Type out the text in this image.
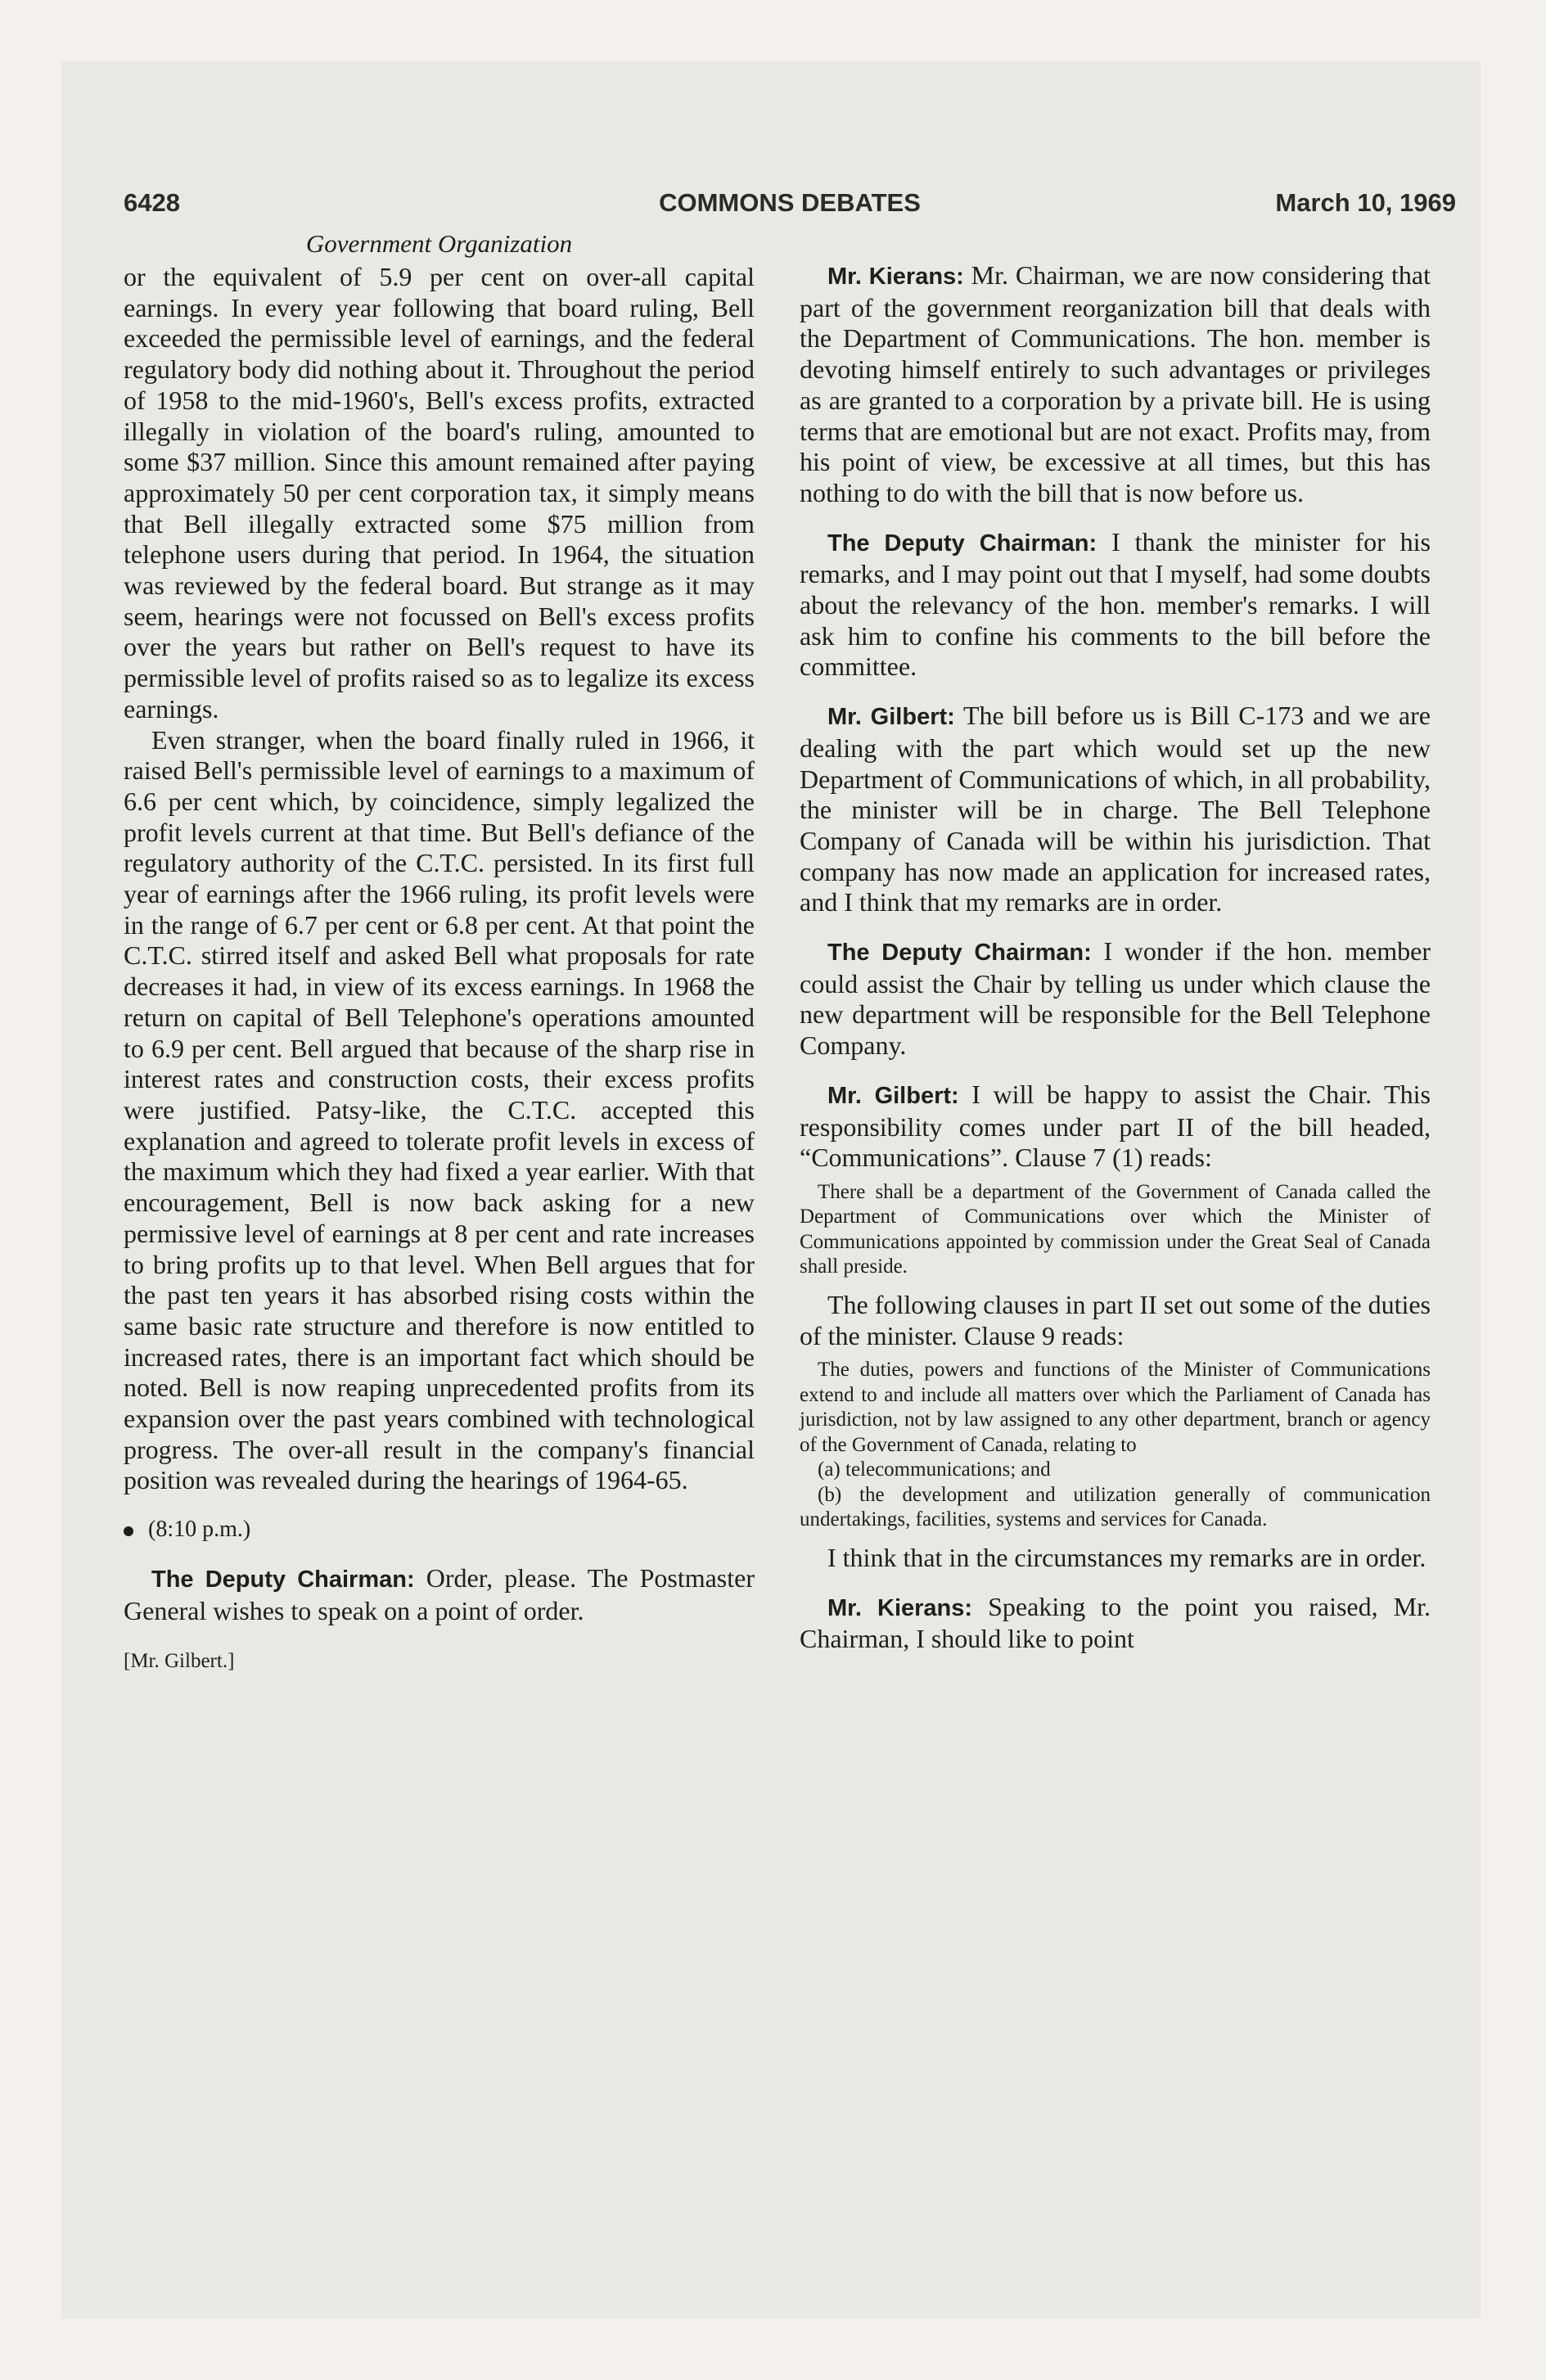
6428	COMMONS DEBATES	March 10, 1969
Government Organization

or the equivalent of 5.9 per cent on over-all capital earnings. In every year following that board ruling, Bell exceeded the permissible level of earnings, and the federal regulatory body did nothing about it. Throughout the period of 1958 to the mid-1960's, Bell's excess profits, extracted illegally in violation of the board's ruling, amounted to some $37 million. Since this amount remained after paying approximately 50 per cent corporation tax, it simply means that Bell illegally extracted some $75 million from telephone users during that period. In 1964, the situation was reviewed by the federal board. But strange as it may seem, hearings were not focussed on Bell's excess profits over the years but rather on Bell's request to have its permissible level of profits raised so as to legalize its excess earnings.

Even stranger, when the board finally ruled in 1966, it raised Bell's permissible level of earnings to a maximum of 6.6 per cent which, by coincidence, simply legalized the profit levels current at that time. But Bell's defiance of the regulatory authority of the C.T.C. persisted. In its first full year of earnings after the 1966 ruling, its profit levels were in the range of 6.7 per cent or 6.8 per cent. At that point the C.T.C. stirred itself and asked Bell what proposals for rate decreases it had, in view of its excess earnings. In 1968 the return on capital of Bell Telephone's operations amounted to 6.9 per cent. Bell argued that because of the sharp rise in interest rates and construction costs, their excess profits were justified. Patsy-like, the C.T.C. accepted this explanation and agreed to tolerate profit levels in excess of the maximum which they had fixed a year earlier. With that encouragement, Bell is now back asking for a new permissive level of earnings at 8 per cent and rate increases to bring profits up to that level. When Bell argues that for the past ten years it has absorbed rising costs within the same basic rate structure and therefore is now entitled to increased rates, there is an important fact which should be noted. Bell is now reaping unprecedented profits from its expansion over the past years combined with technological progress. The over-all result in the company's financial position was revealed during the hearings of 1964-65.

(8:10 p.m.)

The Deputy Chairman: Order, please. The Postmaster General wishes to speak on a point of order.

[Mr. Gilbert.]

Mr. Kierans: Mr. Chairman, we are now considering that part of the government reorganization bill that deals with the Department of Communications. The hon. member is devoting himself entirely to such advantages or privileges as are granted to a corporation by a private bill. He is using terms that are emotional but are not exact. Profits may, from his point of view, be excessive at all times, but this has nothing to do with the bill that is now before us.

The Deputy Chairman: I thank the minister for his remarks, and I may point out that I myself, had some doubts about the relevancy of the hon. member's remarks. I will ask him to confine his comments to the bill before the committee.

Mr. Gilbert: The bill before us is Bill C-173 and we are dealing with the part which would set up the new Department of Communications of which, in all probability, the minister will be in charge. The Bell Telephone Company of Canada will be within his jurisdiction. That company has now made an application for increased rates, and I think that my remarks are in order.

The Deputy Chairman: I wonder if the hon. member could assist the Chair by telling us under which clause the new department will be responsible for the Bell Telephone Company.

Mr. Gilbert: I will be happy to assist the Chair. This responsibility comes under part II of the bill headed, “Communications”. Clause 7 (1) reads:

There shall be a department of the Government of Canada called the Department of Communications over which the Minister of Communications appointed by commission under the Great Seal of Canada shall preside.

The following clauses in part II set out some of the duties of the minister. Clause 9 reads:

The duties, powers and functions of the Minister of Communications extend to and include all matters over which the Parliament of Canada has jurisdiction, not by law assigned to any other department, branch or agency of the Government of Canada, relating to

(a) telecommunications; and

(b) the development and utilization generally of communication undertakings, facilities, systems and services for Canada.

I think that in the circumstances my remarks are in order.

Mr. Kierans: Speaking to the point you raised, Mr. Chairman, I should like to point
